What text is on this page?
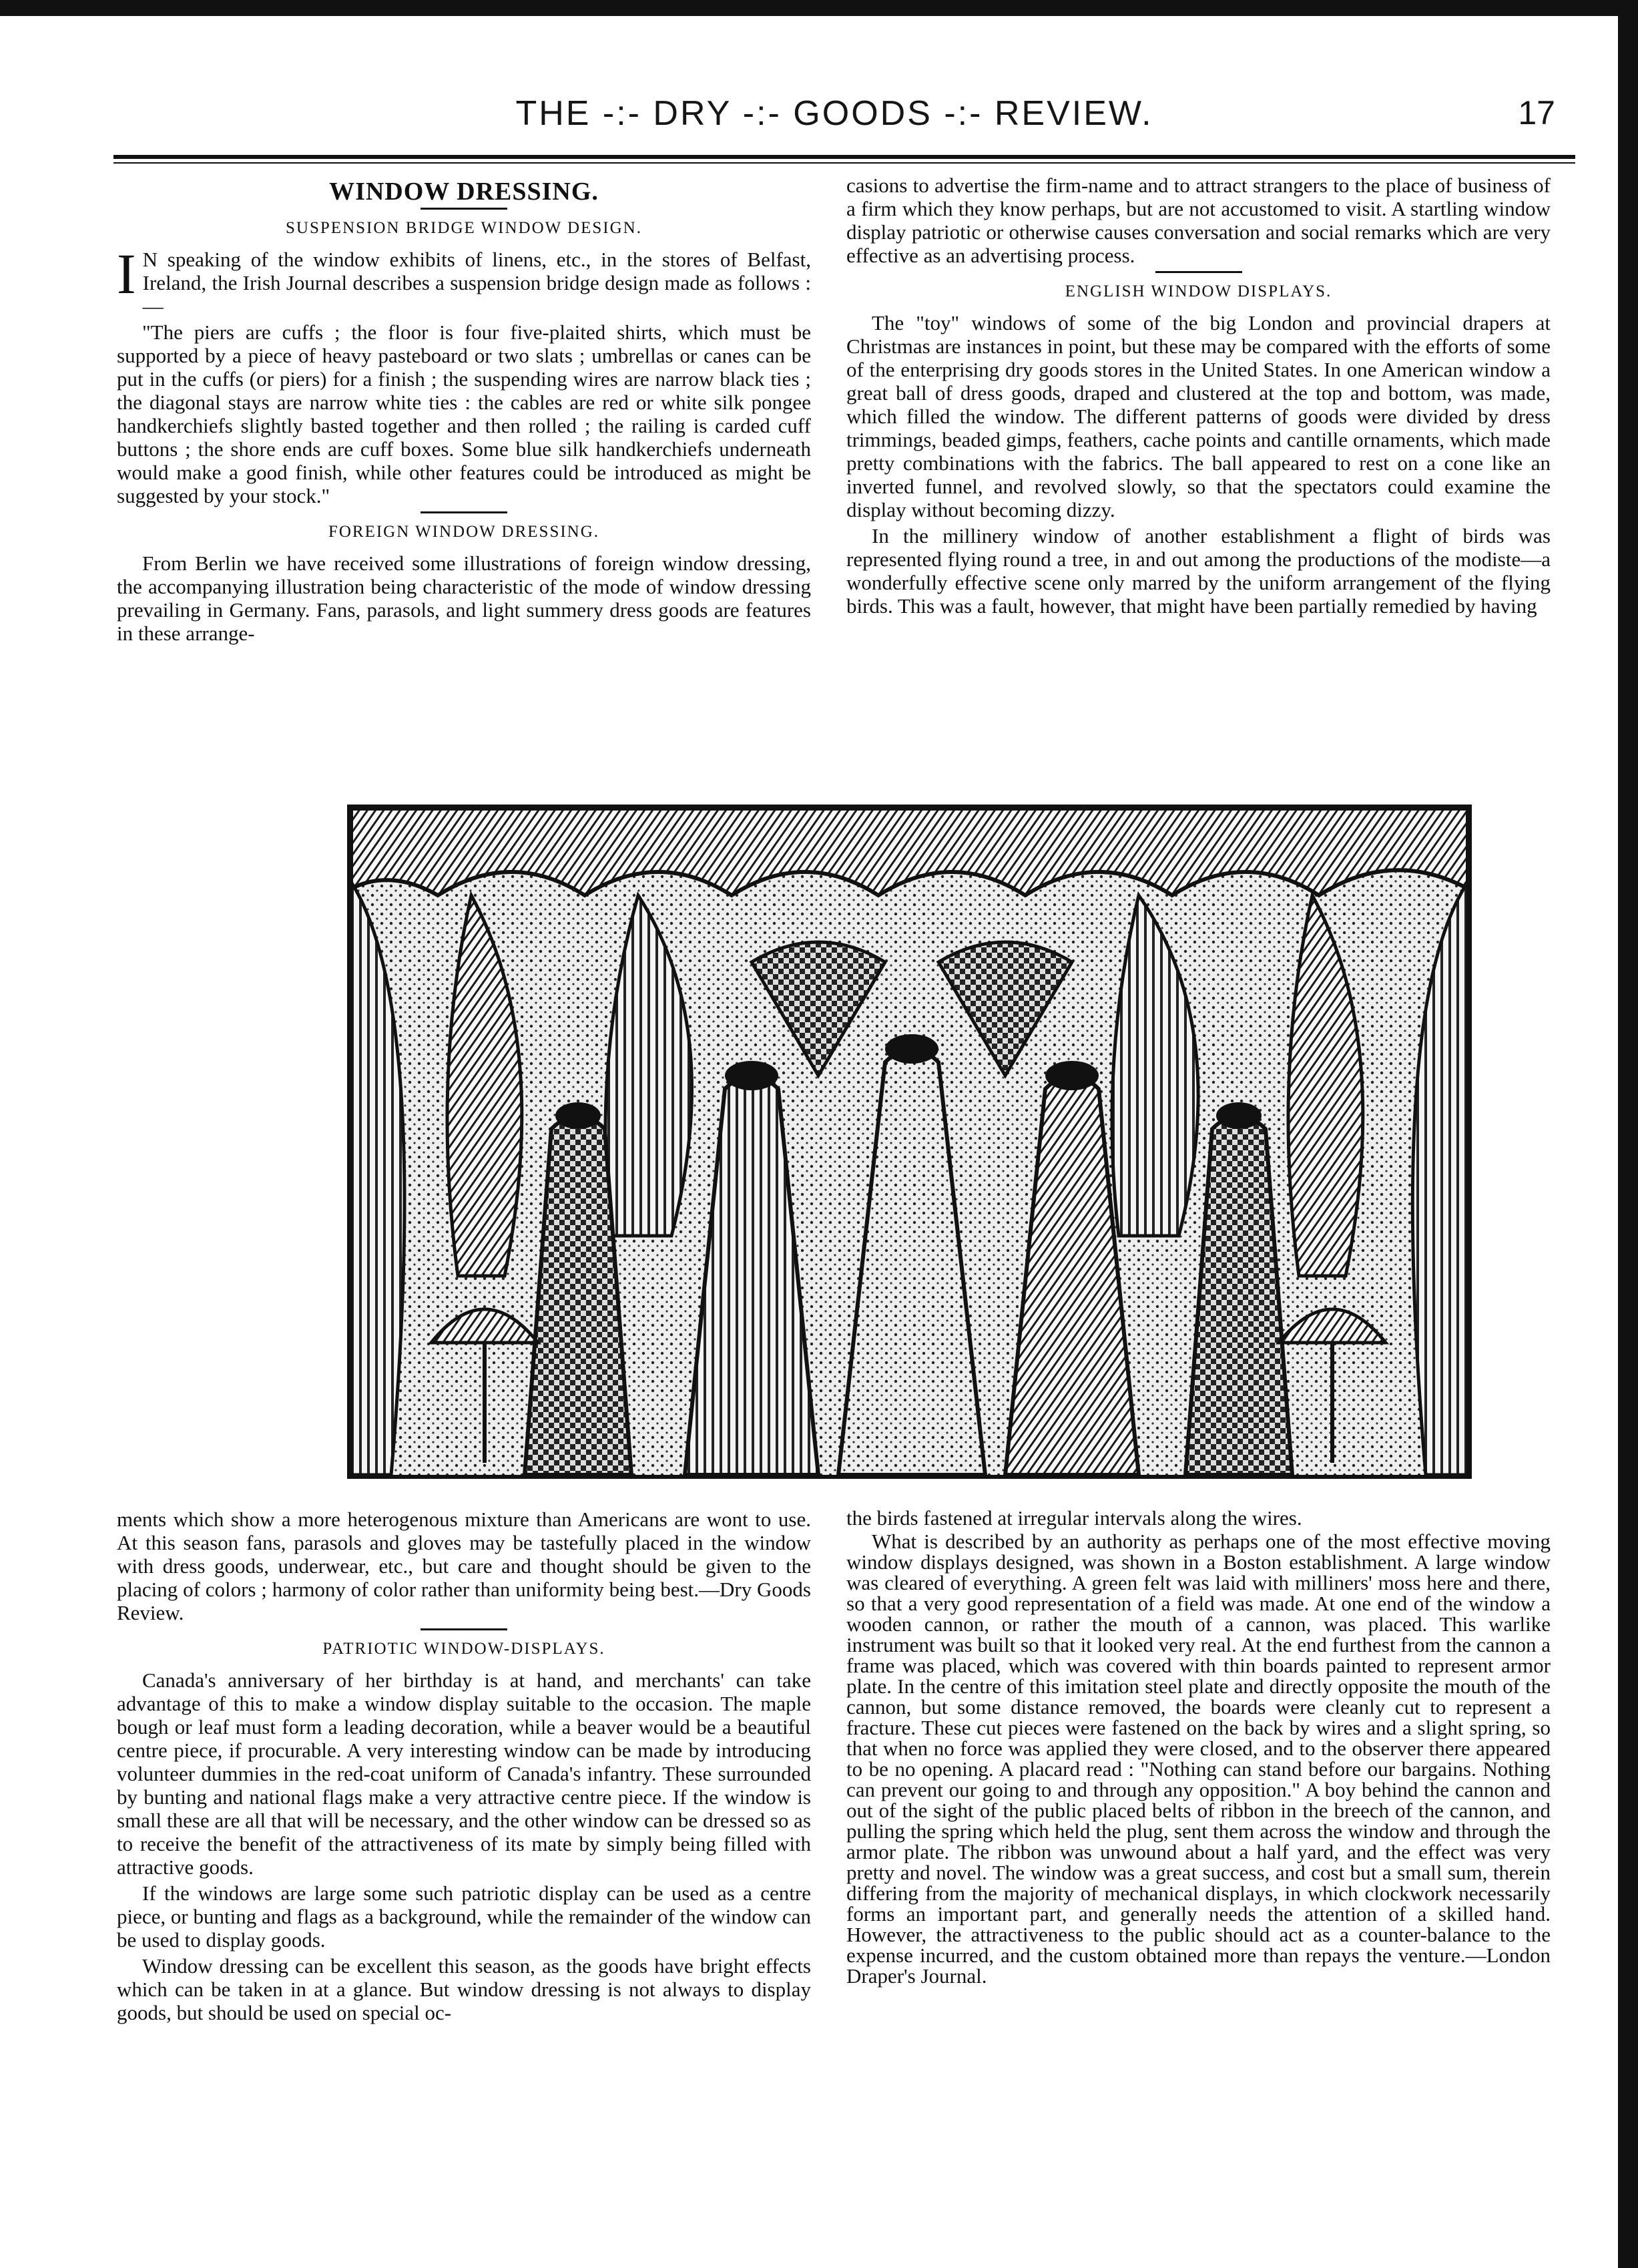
THE -:- DRY -:- GOODS -:- REVIEW.	17
WINDOW DRESSING.
SUSPENSION BRIDGE WINDOW DESIGN.

I N speaking of the window exhibits of linens, etc., in the stores of Belfast, Ireland, the Irish Journal describes a suspension bridge design made as follows :—

"The piers are cuffs ; the floor is four five-plaited shirts, which must be supported by a piece of heavy pasteboard or two slats ; umbrellas or canes can be put in the cuffs (or piers) for a finish ; the suspending wires are narrow black ties ; the diagonal stays are narrow white ties : the cables are red or white silk pongee handkerchiefs slightly basted together and then rolled ; the railing is carded cuff buttons ; the shore ends are cuff boxes. Some blue silk handkerchiefs underneath would make a good finish, while other features could be introduced as might be suggested by your stock."

FOREIGN WINDOW DRESSING.

From Berlin we have received some illustrations of foreign window dressing, the accompanying illustration being characteristic of the mode of window dressing prevailing in Germany. Fans, parasols, and light summery dress goods are features in these arrange-

casions to advertise the firm-name and to attract strangers to the place of business of a firm which they know perhaps, but are not accustomed to visit. A startling window display patriotic or otherwise causes conversation and social remarks which are very effective as an advertising process.

ENGLISH WINDOW DISPLAYS.

The "toy" windows of some of the big London and provincial drapers at Christmas are instances in point, but these may be compared with the efforts of some of the enterprising dry goods stores in the United States. In one American window a great ball of dress goods, draped and clustered at the top and bottom, was made, which filled the window. The different patterns of goods were divided by dress trimmings, beaded gimps, feathers, cache points and cantille ornaments, which made pretty combinations with the fabrics. The ball appeared to rest on a cone like an inverted funnel, and revolved slowly, so that the spectators could examine the display without becoming dizzy.

In the millinery window of another establishment a flight of birds was represented flying round a tree, in and out among the productions of the modiste—a wonderfully effective scene only marred by the uniform arrangement of the flying birds. This was a fault, however, that might have been partially remedied by having

ments which show a more heterogenous mixture than Americans are wont to use. At this season fans, parasols and gloves may be tastefully placed in the window with dress goods, underwear, etc., but care and thought should be given to the placing of colors ; harmony of color rather than uniformity being best.—Dry Goods Review.

PATRIOTIC WINDOW-DISPLAYS.

Canada's anniversary of her birthday is at hand, and merchants' can take advantage of this to make a window display suitable to the occasion. The maple bough or leaf must form a leading decoration, while a beaver would be a beautiful centre piece, if procurable. A very interesting window can be made by introducing volunteer dummies in the red-coat uniform of Canada's infantry. These surrounded by bunting and national flags make a very attractive centre piece. If the window is small these are all that will be necessary, and the other window can be dressed so as to receive the benefit of the attractiveness of its mate by simply being filled with attractive goods.

If the windows are large some such patriotic display can be used as a centre piece, or bunting and flags as a background, while the remainder of the window can be used to display goods.

Window dressing can be excellent this season, as the goods have bright effects which can be taken in at a glance. But window dressing is not always to display goods, but should be used on special oc-

the birds fastened at irregular intervals along the wires.

What is described by an authority as perhaps one of the most effective moving window displays designed, was shown in a Boston establishment. A large window was cleared of everything. A green felt was laid with milliners' moss here and there, so that a very good representation of a field was made. At one end of the window a wooden cannon, or rather the mouth of a cannon, was placed. This warlike instrument was built so that it looked very real. At the end furthest from the cannon a frame was placed, which was covered with thin boards painted to represent armor plate. In the centre of this imitation steel plate and directly opposite the mouth of the cannon, but some distance removed, the boards were cleanly cut to represent a fracture. These cut pieces were fastened on the back by wires and a slight spring, so that when no force was applied they were closed, and to the observer there appeared to be no opening. A placard read : "Nothing can stand before our bargains. Nothing can prevent our going to and through any opposition." A boy behind the cannon and out of the sight of the public placed belts of ribbon in the breech of the cannon, and pulling the spring which held the plug, sent them across the window and through the armor plate. The ribbon was unwound about a half yard, and the effect was very pretty and novel. The window was a great success, and cost but a small sum, therein differing from the majority of mechanical displays, in which clockwork necessarily forms an important part, and generally needs the attention of a skilled hand. However, the attractiveness to the public should act as a counter-balance to the expense incurred, and the custom obtained more than repays the venture.—London Draper's Journal.
